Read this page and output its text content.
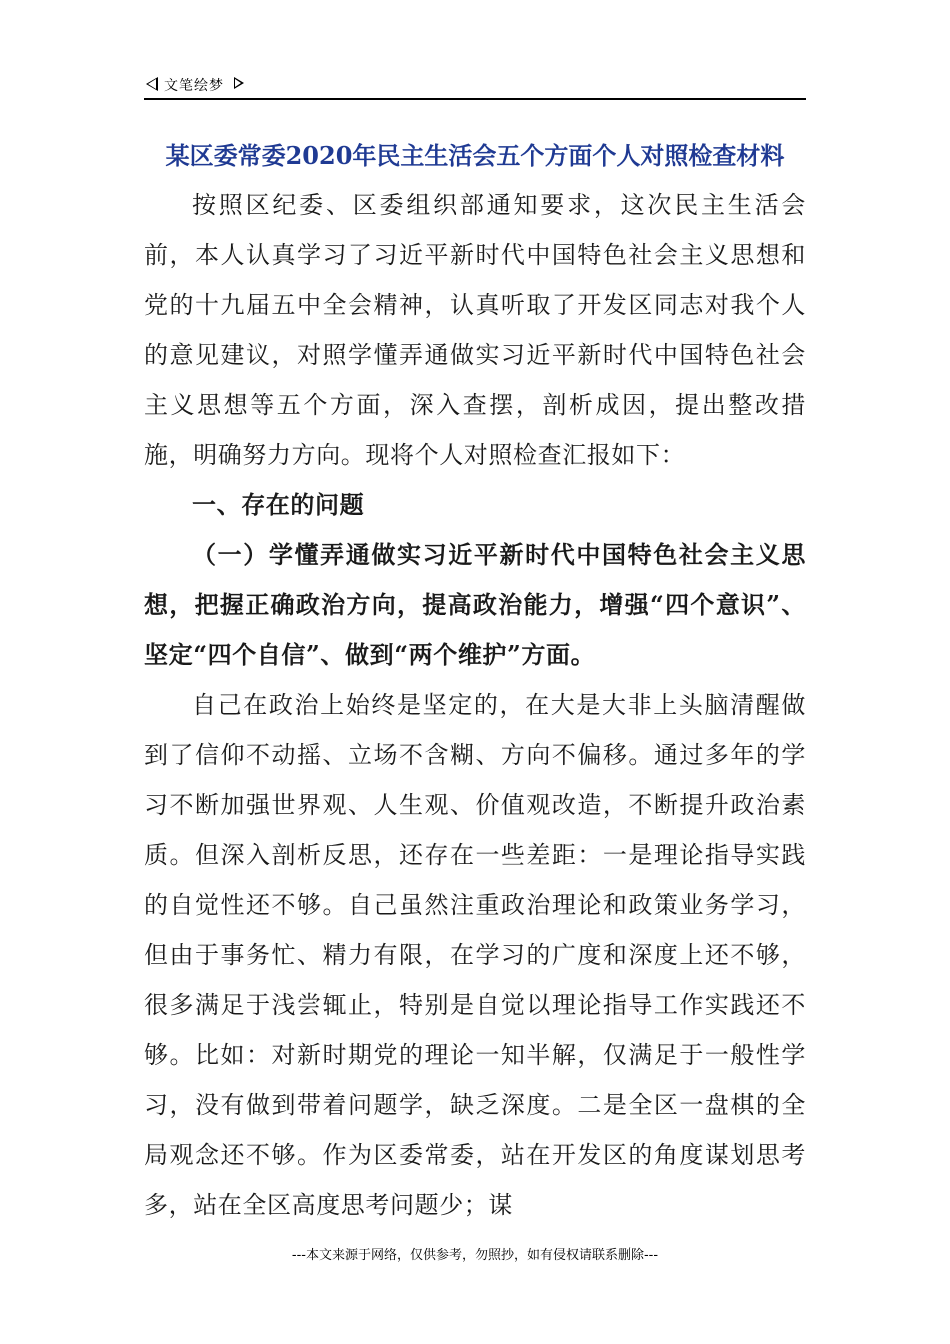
文笔绘梦
某区委常委2020年民主生活会五个方面个人对照检查材料

按照区纪委、区委组织部通知要求，这次民主生活会前，本人认真学习了习近平新时代中国特色社会主义思想和党的十九届五中全会精神，认真听取了开发区同志对我个人的意见建议，对照学懂弄通做实习近平新时代中国特色社会主义思想等五个方面，深入查摆，剖析成因，提出整改措施，明确努力方向。现将个人对照检查汇报如下：

一、存在的问题

（一）学懂弄通做实习近平新时代中国特色社会主义思想，把握正确政治方向，提高政治能力，增强“四个意识”、坚定“四个自信”、做到“两个维护”方面。

自己在政治上始终是坚定的，在大是大非上头脑清醒做到了信仰不动摇、立场不含糊、方向不偏移。通过多年的学习不断加强世界观、人生观、价值观改造，不断提升政治素质。但深入剖析反思，还存在一些差距：一是理论指导实践的自觉性还不够。自己虽然注重政治理论和政策业务学习，但由于事务忙、精力有限，在学习的广度和深度上还不够，很多满足于浅尝辄止，特别是自觉以理论指导工作实践还不够。比如：对新时期党的理论一知半解，仅满足于一般性学习，没有做到带着问题学，缺乏深度。二是全区一盘棋的全局观念还不够。作为区委常委，站在开发区的角度谋划思考多，站在全区高度思考问题少；谋

---本文来源于网络，仅供参考，勿照抄，如有侵权请联系删除---
